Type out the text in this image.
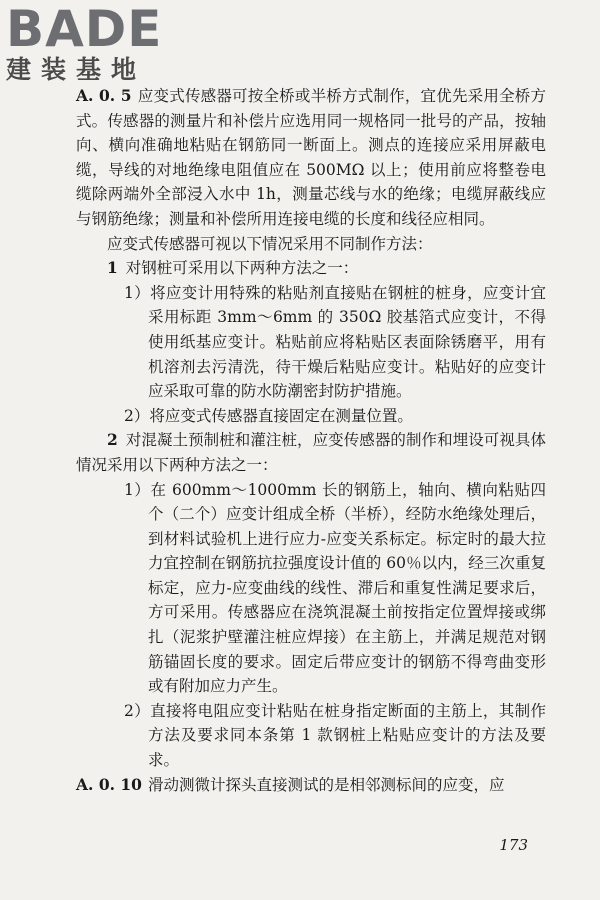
BADE
建装基地

A. 0. 5 应变式传感器可按全桥或半桥方式制作，宜优先采用全桥方式。传感器的测量片和补偿片应选用同一规格同一批号的产品，按轴向、横向准确地粘贴在钢筋同一断面上。测点的连接应采用屏蔽电缆，导线的对地绝缘电阻值应在 500MΩ 以上；使用前应将整卷电缆除两端外全部浸入水中 1h，测量芯线与水的绝缘；电缆屏蔽线应与钢筋绝缘；测量和补偿所用连接电缆的长度和线径应相同。

应变式传感器可视以下情况采用不同制作方法：

1 对钢桩可采用以下两种方法之一：

1）将应变计用特殊的粘贴剂直接贴在钢桩的桩身，应变计宜采用标距 3mm～6mm 的 350Ω 胶基箔式应变计，不得使用纸基应变计。粘贴前应将粘贴区表面除锈磨平，用有机溶剂去污清洗，待干燥后粘贴应变计。粘贴好的应变计应采取可靠的防水防潮密封防护措施。

2）将应变式传感器直接固定在测量位置。

2 对混凝土预制桩和灌注桩，应变传感器的制作和埋设可视具体情况采用以下两种方法之一：

1）在 600mm～1000mm 长的钢筋上，轴向、横向粘贴四个（二个）应变计组成全桥（半桥），经防水绝缘处理后，到材料试验机上进行应力-应变关系标定。标定时的最大拉力宜控制在钢筋抗拉强度设计值的 60％以内，经三次重复标定，应力-应变曲线的线性、滞后和重复性满足要求后，方可采用。传感器应在浇筑混凝土前按指定位置焊接或绑扎（泥浆护壁灌注桩应焊接）在主筋上，并满足规范对钢筋锚固长度的要求。固定后带应变计的钢筋不得弯曲变形或有附加应力产生。

2）直接将电阻应变计粘贴在桩身指定断面的主筋上，其制作方法及要求同本条第 1 款钢桩上粘贴应变计的方法及要求。

A. 0. 10 滑动测微计探头直接测试的是相邻测标间的应变，应

173
